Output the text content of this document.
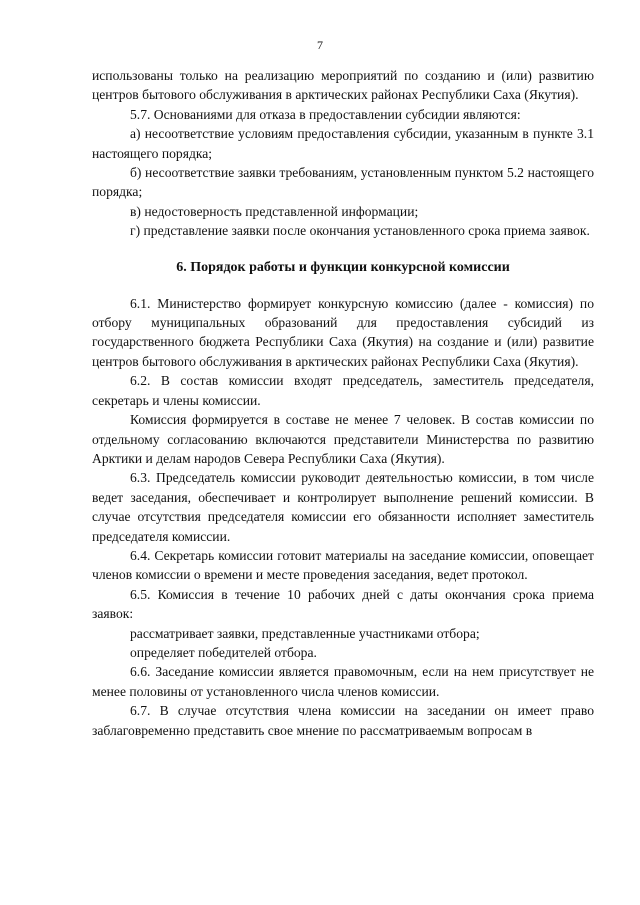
7

использованы только на реализацию мероприятий по созданию и (или) развитию центров бытового обслуживания в арктических районах Республики Саха (Якутия).

5.7. Основаниями для отказа в предоставлении субсидии являются:

а) несоответствие условиям предоставления субсидии, указанным в пункте 3.1 настоящего порядка;

б) несоответствие заявки требованиям, установленным пунктом 5.2 настоящего порядка;

в) недостоверность представленной информации;

г) представление заявки после окончания установленного срока приема заявок.

6. Порядок работы и функции конкурсной комиссии

6.1. Министерство формирует конкурсную комиссию (далее - комиссия) по отбору муниципальных образований для предоставления субсидий из государственного бюджета Республики Саха (Якутия) на создание и (или) развитие центров бытового обслуживания в арктических районах Республики Саха (Якутия).

6.2. В состав комиссии входят председатель, заместитель председателя, секретарь и члены комиссии.

Комиссия формируется в составе не менее 7 человек. В состав комиссии по отдельному согласованию включаются представители Министерства по развитию Арктики и делам народов Севера Республики Саха (Якутия).

6.3. Председатель комиссии руководит деятельностью комиссии, в том числе ведет заседания, обеспечивает и контролирует выполнение решений комиссии. В случае отсутствия председателя комиссии его обязанности исполняет заместитель председателя комиссии.

6.4. Секретарь комиссии готовит материалы на заседание комиссии, оповещает членов комиссии о времени и месте проведения заседания, ведет протокол.

6.5. Комиссия в течение 10 рабочих дней с даты окончания срока приема заявок:

рассматривает заявки, представленные участниками отбора;

определяет победителей отбора.

6.6. Заседание комиссии является правомочным, если на нем присутствует не менее половины от установленного числа членов комиссии.

6.7. В случае отсутствия члена комиссии на заседании он имеет право заблаговременно представить свое мнение по рассматриваемым вопросам в
